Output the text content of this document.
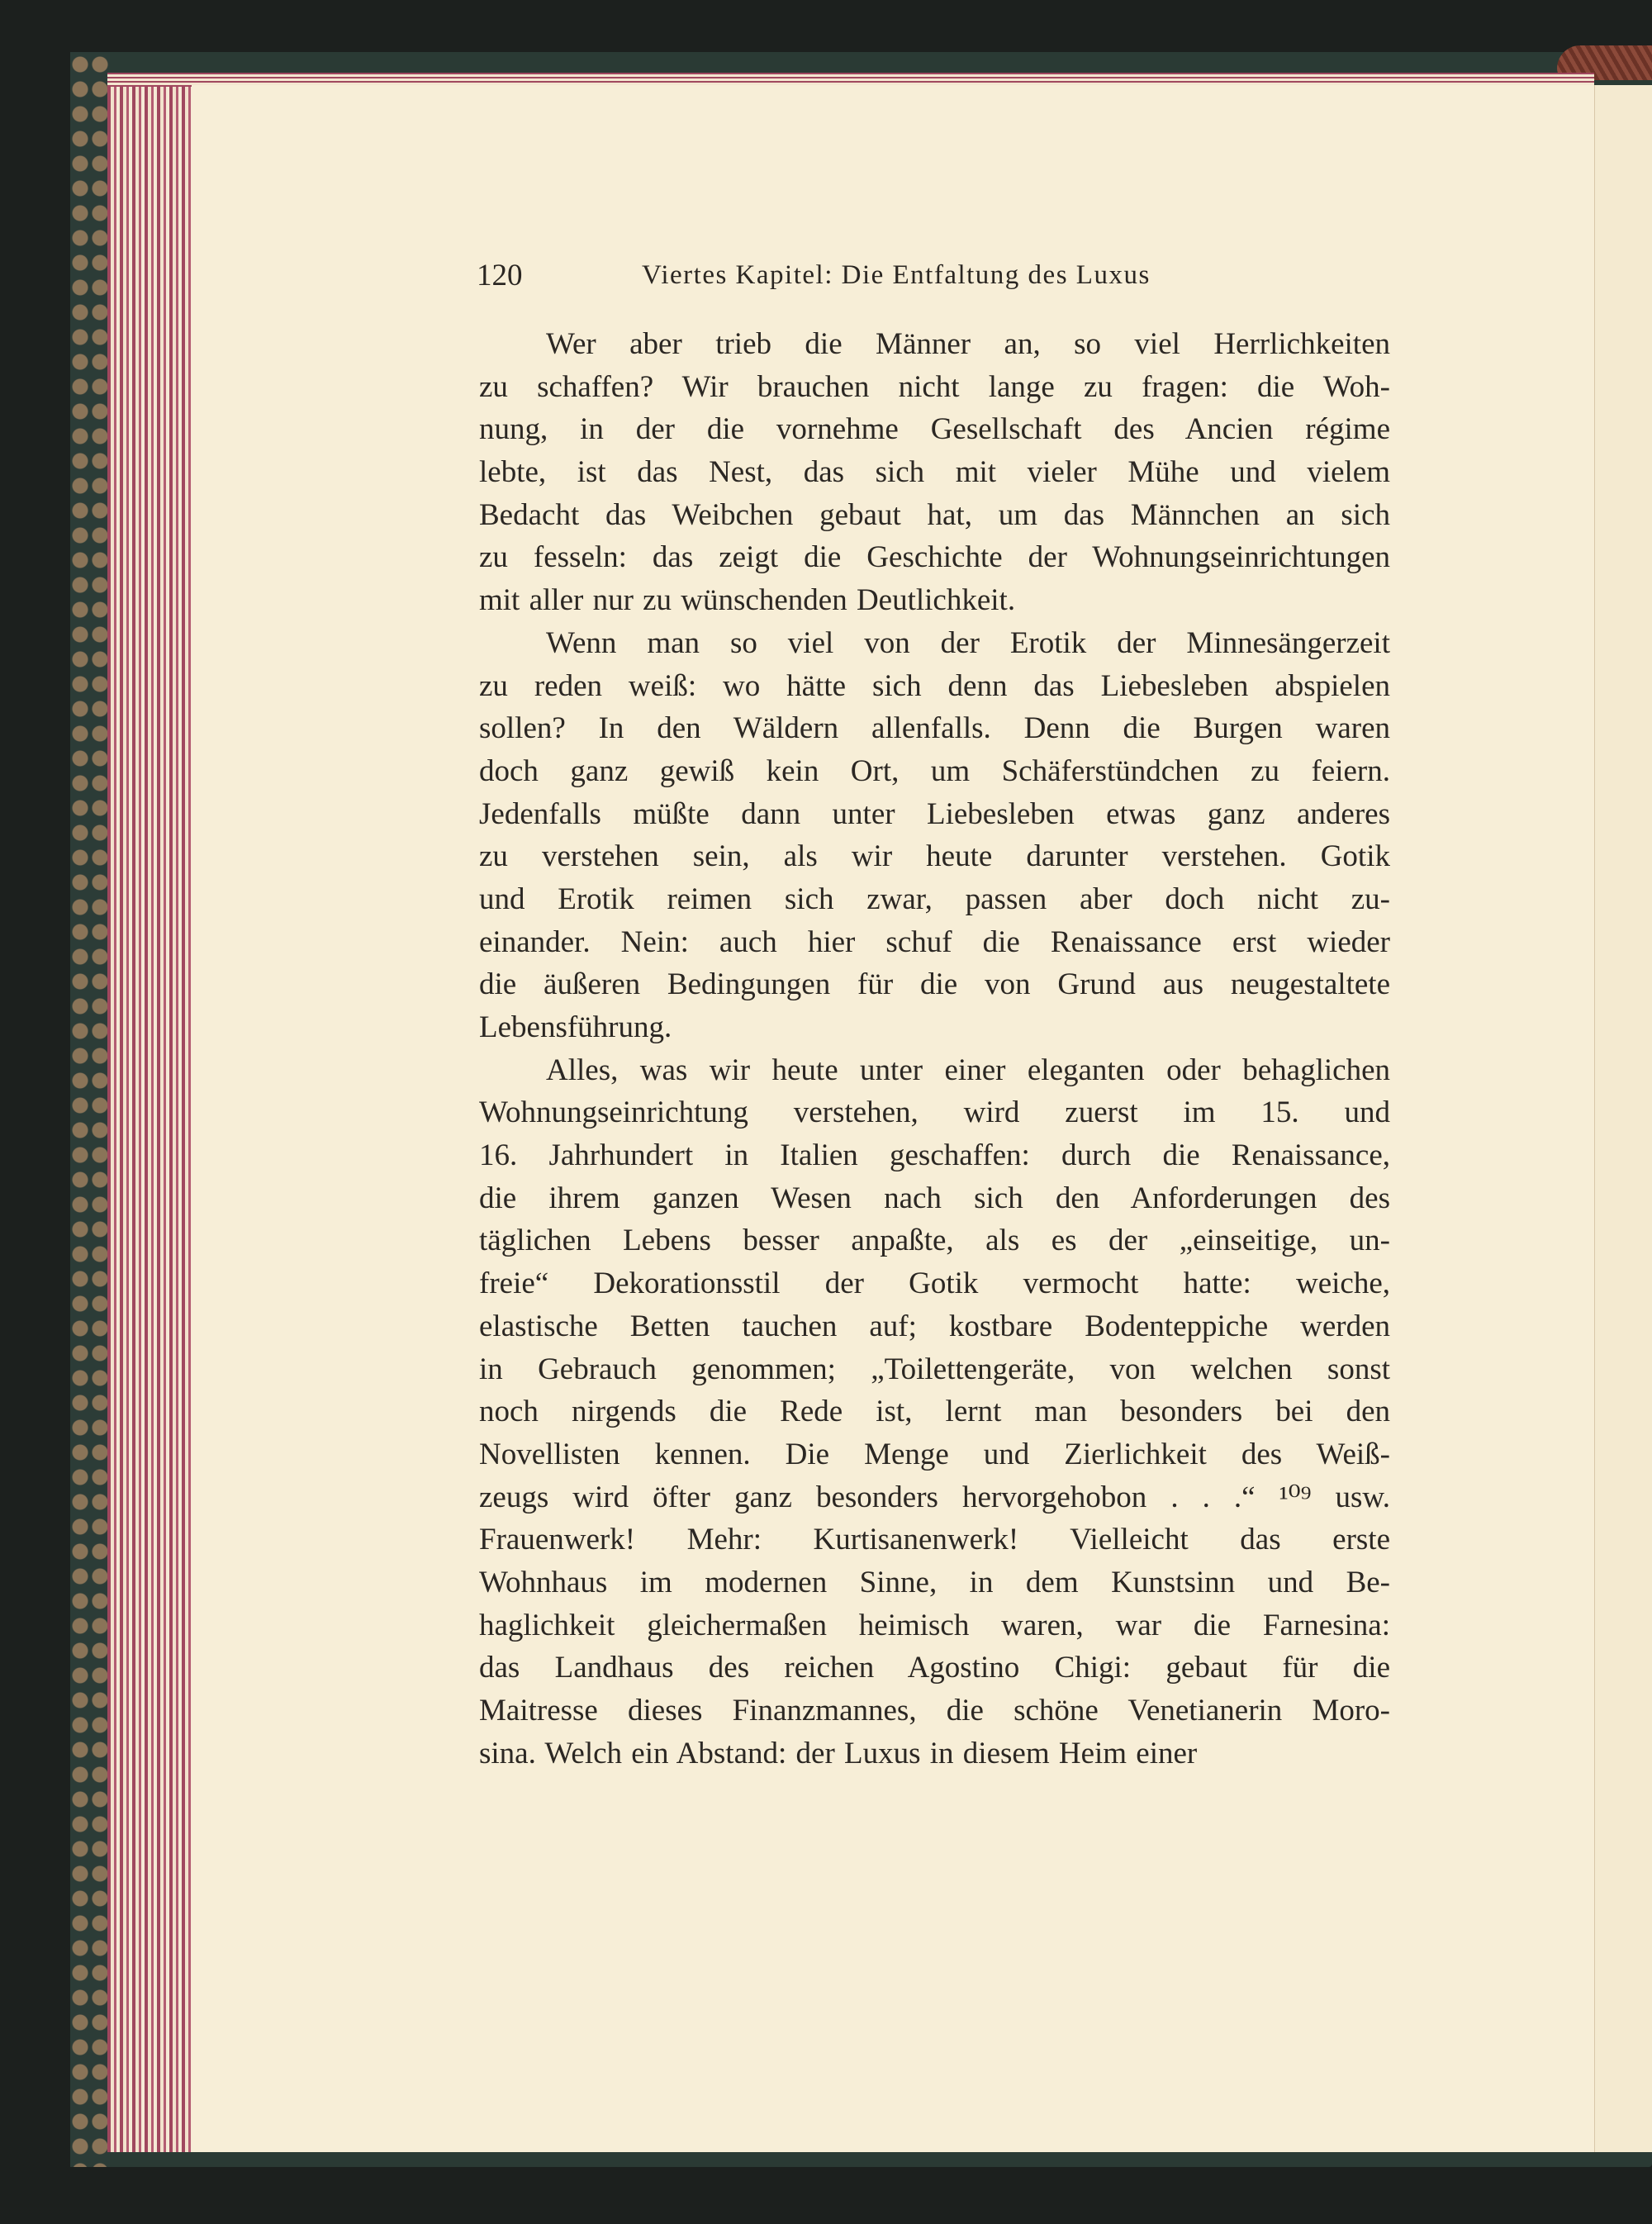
120	Viertes Kapitel: Die Entfaltung des Luxus
Wer aber trieb die Männer an, so viel Herrlichkeiten
zu schaffen? Wir brauchen nicht lange zu fragen: die Woh-
nung, in der die vornehme Gesellschaft des Ancien régime
lebte, ist das Nest, das sich mit vieler Mühe und vielem
Bedacht das Weibchen gebaut hat, um das Männchen an sich
zu fesseln: das zeigt die Geschichte der Wohnungseinrichtungen
mit aller nur zu wünschenden Deutlichkeit.
Wenn man so viel von der Erotik der Minnesängerzeit
zu reden weiß: wo hätte sich denn das Liebesleben abspielen
sollen? In den Wäldern allenfalls. Denn die Burgen waren
doch ganz gewiß kein Ort, um Schäferstündchen zu feiern.
Jedenfalls müßte dann unter Liebesleben etwas ganz anderes
zu verstehen sein, als wir heute darunter verstehen. Gotik
und Erotik reimen sich zwar, passen aber doch nicht zu-
einander. Nein: auch hier schuf die Renaissance erst wieder
die äußeren Bedingungen für die von Grund aus neugestaltete
Lebensführung.
Alles, was wir heute unter einer eleganten oder behaglichen
Wohnungseinrichtung verstehen, wird zuerst im 15. und
16. Jahrhundert in Italien geschaffen: durch die Renaissance,
die ihrem ganzen Wesen nach sich den Anforderungen des
täglichen Lebens besser anpaßte, als es der „einseitige, un-
freie“ Dekorationsstil der Gotik vermocht hatte: weiche,
elastische Betten tauchen auf; kostbare Bodenteppiche werden
in Gebrauch genommen; „Toilettengeräte, von welchen sonst
noch nirgends die Rede ist, lernt man besonders bei den
Novellisten kennen. Die Menge und Zierlichkeit des Weiß-
zeugs wird öfter ganz besonders hervorgehobon . . .“ ¹⁰⁹ usw.
Frauenwerk! Mehr: Kurtisanenwerk! Vielleicht das erste
Wohnhaus im modernen Sinne, in dem Kunstsinn und Be-
haglichkeit gleichermaßen heimisch waren, war die Farnesina:
das Landhaus des reichen Agostino Chigi: gebaut für die
Maitresse dieses Finanzmannes, die schöne Venetianerin Moro-
sina. Welch ein Abstand: der Luxus in diesem Heim einer
